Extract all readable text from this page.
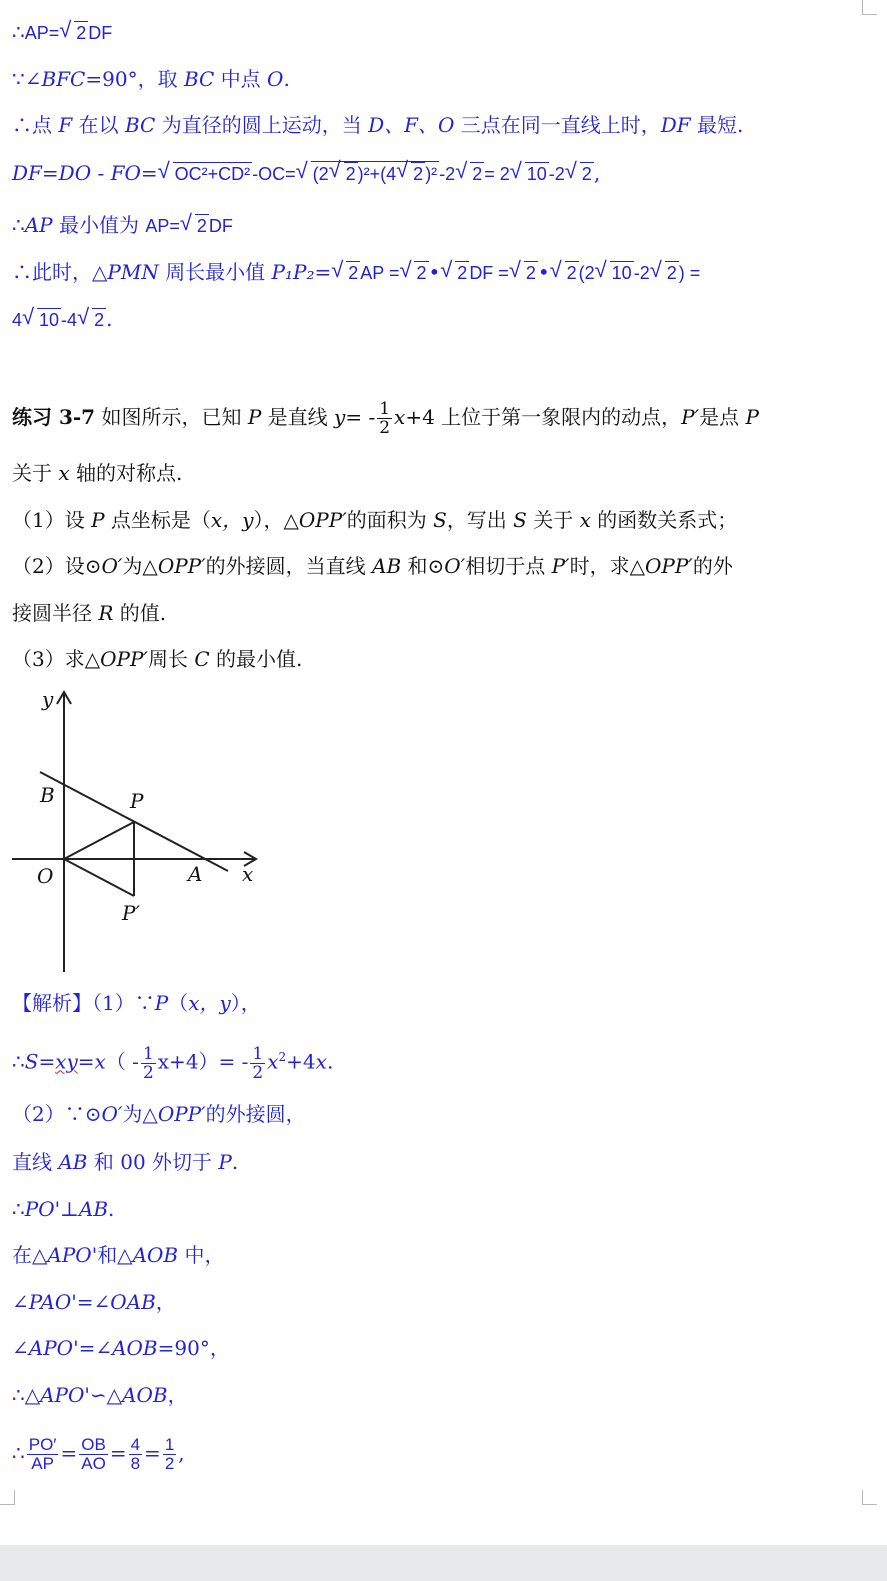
∴AP= √ 2 DF
∵∠BFC=90°，取 BC 中点 O.
∴点 F 在以 BC 为直径的圆上运动，当 D、F、O 三点在同一直线上时，DF 最短.
DF=DO - FO= √ OC²+CD² -OC= √ (2 √ 2 )²+(4 √ 2 )² -2 √ 2 = 2 √ 10 -2 √ 2 ,
∴AP 最小值为 AP= √ 2 DF
∴此时，△PMN 周长最小值 P₁P₂= √ 2 AP = √ 2 • √ 2 DF = √ 2 • √ 2 (2 √ 10 -2 √ 2 ) =
4 √ 10 -4 √ 2 .
练习 3-7 如图所示，已知 P 是直线 $y= - \frac{1}{2} x+4$ 上位于第一象限内的动点，P′是点 P
关于 x 轴的对称点.
（1）设 P 点坐标是（x，y），△OPP′的面积为 S，写出 S 关于 x 的函数关系式；
（2）设⊙O′为△OPP′的外接圆，当直线 AB 和⊙O′相切于点 P′时，求△OPP′的外
接圆半径 R 的值.
（3）求△OPP′周长 C 的最小值.
y
B	P
O	A x
P′
【解析】（1）∵P（x，y），
∴S=xy=x（ - $\frac{1}{2} x+4)= - \frac{1}{2} x^2+4x$.
（2）∵⊙O′为△OPP′的外接圆，
直线 AB 和 00 外切于 P.
∴PO'⊥AB.
在△APO'和△AOB 中，
∠PAO'=∠OAB，
∠APO'=∠AOB=90°，
∴△APO'∽△AOB，
∴ $\frac{PO'}{AP} = \frac{OB}{AO} = \frac{4}{8} = \frac{1}{2}$ ,
